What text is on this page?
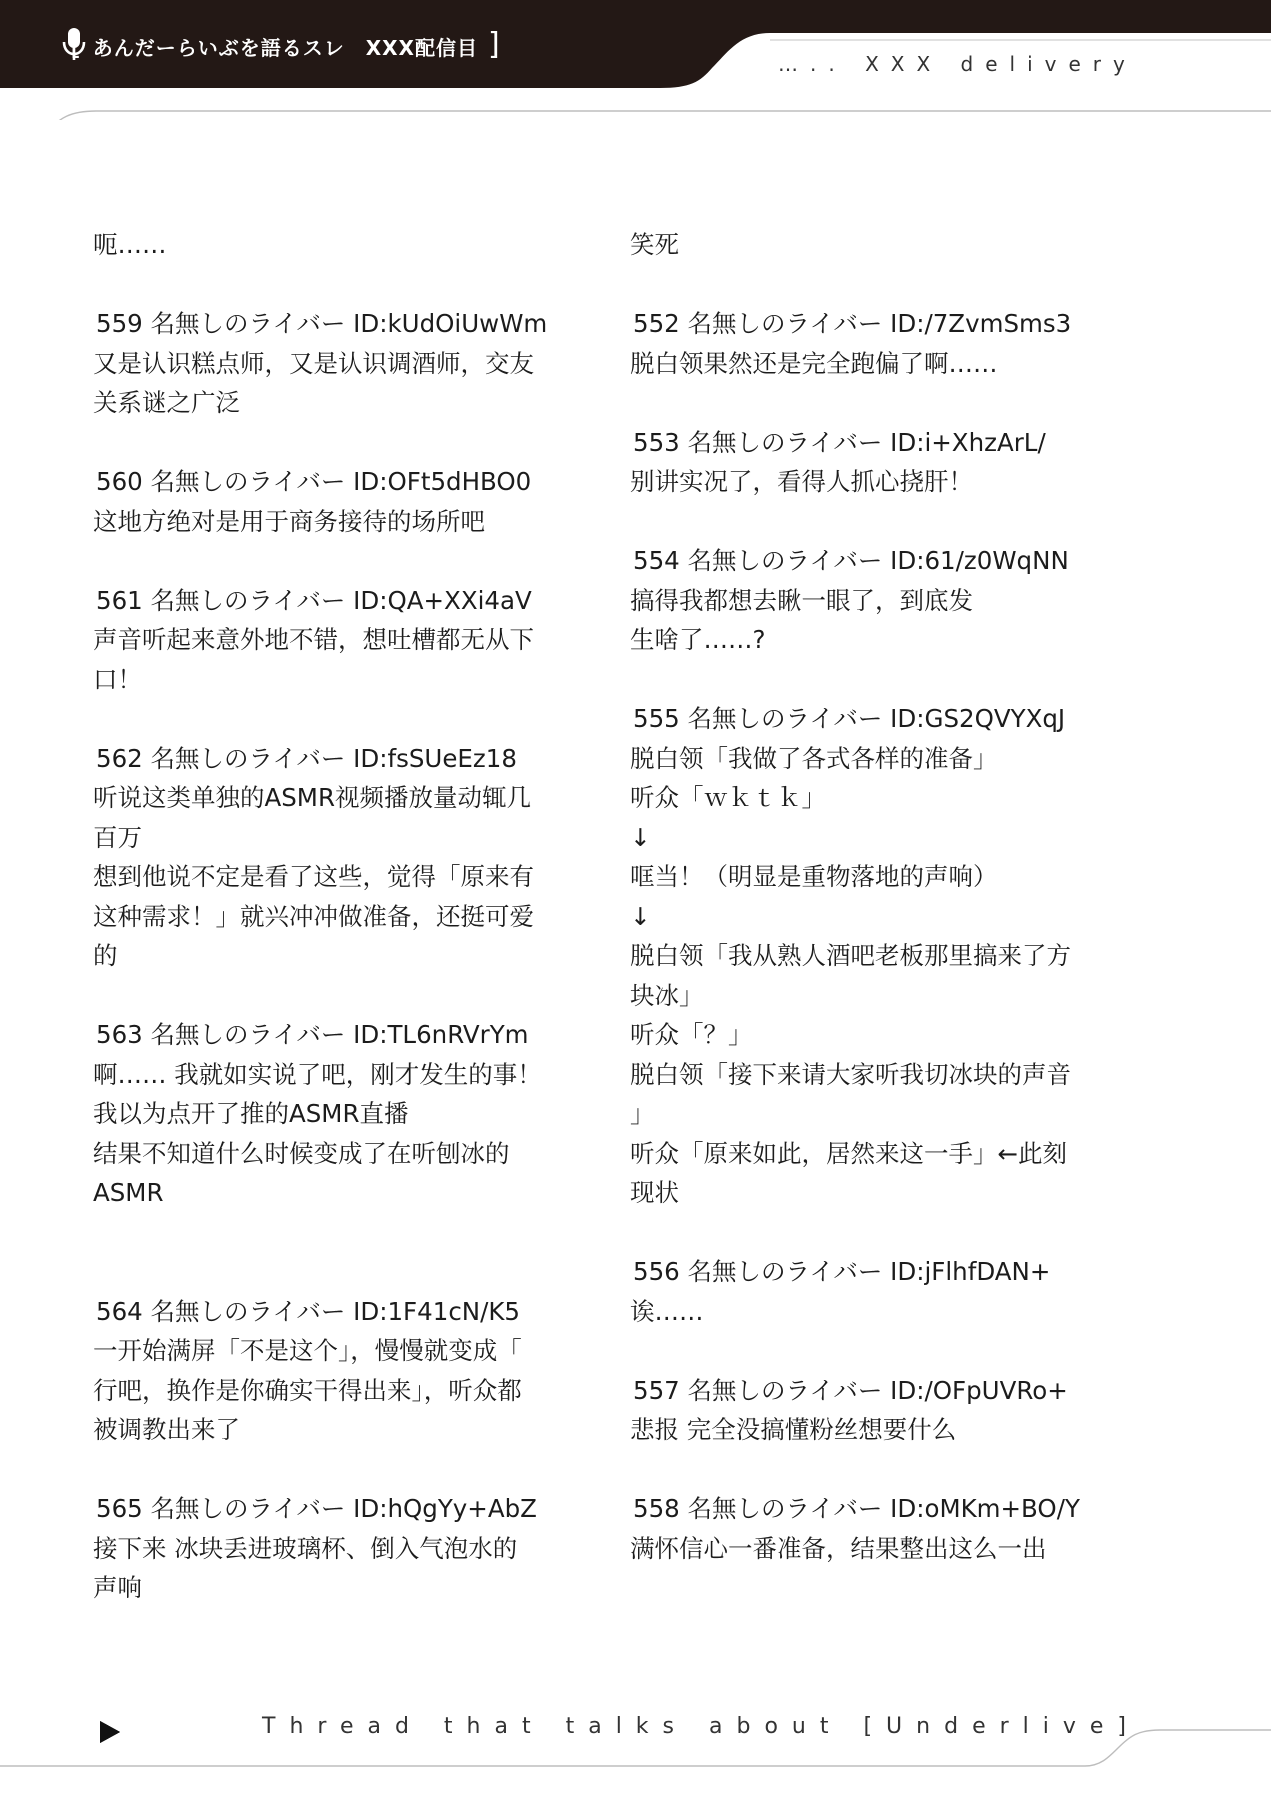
[ あんだーらいぶを語るスレ　XXX配信目 ]
….. XXX delivery
呃……
559 名無しのライバー ID:kUdOiUwWm
又是认识糕点师，又是认识调酒师，交友
关系谜之广泛
560 名無しのライバー ID:OFt5dHBO0
这地方绝对是用于商务接待的场所吧
561 名無しのライバー ID:QA+XXi4aV
声音听起来意外地不错，想吐槽都无从下
口！
562 名無しのライバー ID:fsSUeEz18
听说这类单独的ASMR视频播放量动辄几
百万
想到他说不定是看了这些，觉得「原来有
这种需求！」就兴冲冲做准备，还挺可爱
的
563 名無しのライバー ID:TL6nRVrYm
啊…… 我就如实说了吧，刚才发生的事！
我以为点开了推的ASMR直播
结果不知道什么时候变成了在听刨冰的
ASMR
564 名無しのライバー ID:1F41cN/K5
一开始满屏「不是这个」，慢慢就变成「
行吧，换作是你确实干得出来」，听众都
被调教出来了
565 名無しのライバー ID:hQgYy+AbZ
接下来 冰块丢进玻璃杯、倒入气泡水的
声响
笑死
552 名無しのライバー ID:/7ZvmSms3
脱白领果然还是完全跑偏了啊……
553 名無しのライバー ID:i+XhzArL/
别讲实况了，看得人抓心挠肝！
554 名無しのライバー ID:61/z0WqNN
搞得我都想去瞅一眼了，到底发
生啥了……?
555 名無しのライバー ID:GS2QVYXqJ
脱白领「我做了各式各样的准备」
听众「ｗｋｔｋ」
↓
哐当！（明显是重物落地的声响）
↓
脱白领「我从熟人酒吧老板那里搞来了方
块冰」
听众「？」
脱白领「接下来请大家听我切冰块的声音
」
听众「原来如此，居然来这一手」←此刻
现状
556 名無しのライバー ID:jFlhfDAN+
诶……
557 名無しのライバー ID:/OFpUVRo+
悲报 完全没搞懂粉丝想要什么
558 名無しのライバー ID:oMKm+BO/Y
满怀信心一番准备，结果整出这么一出
Thread that talks about [Underlive]
